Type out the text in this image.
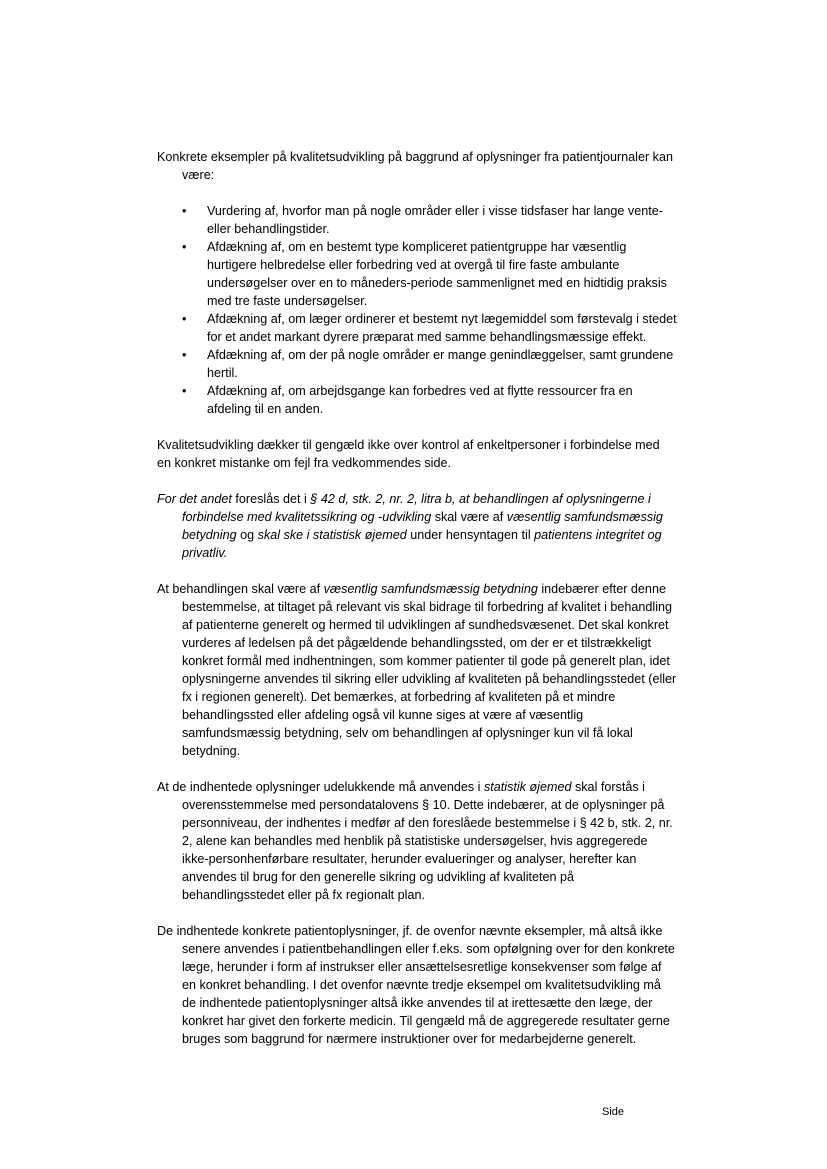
Konkrete eksempler på kvalitetsudvikling på baggrund af oplysninger fra patientjournaler kan være:

•	Vurdering af, hvorfor man på nogle områder eller i visse tidsfaser har lange vente- eller behandlingstider.
•	Afdækning af, om en bestemt type kompliceret patientgruppe har væsentlig hurtigere helbredelse eller forbedring ved at overgå til fire faste ambulante undersøgelser over en to måneders-periode sammenlignet med en hidtidig praksis med tre faste undersøgelser.
•	Afdækning af, om læger ordinerer et bestemt nyt lægemiddel som førstevalg i stedet for et andet markant dyrere præparat med samme behandlingsmæssige effekt.
•	Afdækning af, om der på nogle områder er mange genindlæggelser, samt grundene hertil.
•	Afdækning af, om arbejdsgange kan forbedres ved at flytte ressourcer fra en afdeling til en anden.

Kvalitetsudvikling dækker til gengæld ikke over kontrol af enkeltpersoner i forbindelse med en konkret mistanke om fejl fra vedkommendes side.

For det andet foreslås det i § 42 d, stk. 2, nr. 2, litra b, at behandlingen af oplysningerne i forbindelse med kvalitetssikring og -udvikling skal være af væsentlig samfundsmæssig betydning og skal ske i statistisk øjemed under hensyntagen til patientens integritet og privatliv.

At behandlingen skal være af væsentlig samfundsmæssig betydning indebærer efter denne bestemmelse, at tiltaget på relevant vis skal bidrage til forbedring af kvalitet i behandling af patienterne generelt og hermed til udviklingen af sundhedsvæsenet. Det skal konkret vurderes af ledelsen på det pågældende behandlingssted, om der er et tilstrækkeligt konkret formål med indhentningen, som kommer patienter til gode på generelt plan, idet oplysningerne anvendes til sikring eller udvikling af kvaliteten på behandlingsstedet (eller fx i regionen generelt). Det bemærkes, at forbedring af kvaliteten på et mindre behandlingssted eller afdeling også vil kunne siges at være af væsentlig samfundsmæssig betydning, selv om behandlingen af oplysninger kun vil få lokal betydning.

At de indhentede oplysninger udelukkende må anvendes i statistik øjemed skal forstås i overensstemmelse med persondatalovens § 10. Dette indebærer, at de oplysninger på personniveau, der indhentes i medfør af den foreslåede bestemmelse i § 42 b, stk. 2, nr. 2, alene kan behandles med henblik på statistiske undersøgelser, hvis aggregerede ikke-personhenførbare resultater, herunder evalueringer og analyser, herefter kan anvendes til brug for den generelle sikring og udvikling af kvaliteten på behandlingsstedet eller på fx regionalt plan.

De indhentede konkrete patientoplysninger, jf. de ovenfor nævnte eksempler, må altså ikke senere anvendes i patientbehandlingen eller f.eks. som opfølgning over for den konkrete læge, herunder i form af instrukser eller ansættelsesretlige konsekvenser som følge af en konkret behandling. I det ovenfor nævnte tredje eksempel om kvalitetsudvikling må de indhentede patientoplysninger altså ikke anvendes til at irettesætte den læge, der konkret har givet den forkerte medicin. Til gengæld må de aggregerede resultater gerne bruges som baggrund for nærmere instruktioner over for medarbejderne generelt.

Side
